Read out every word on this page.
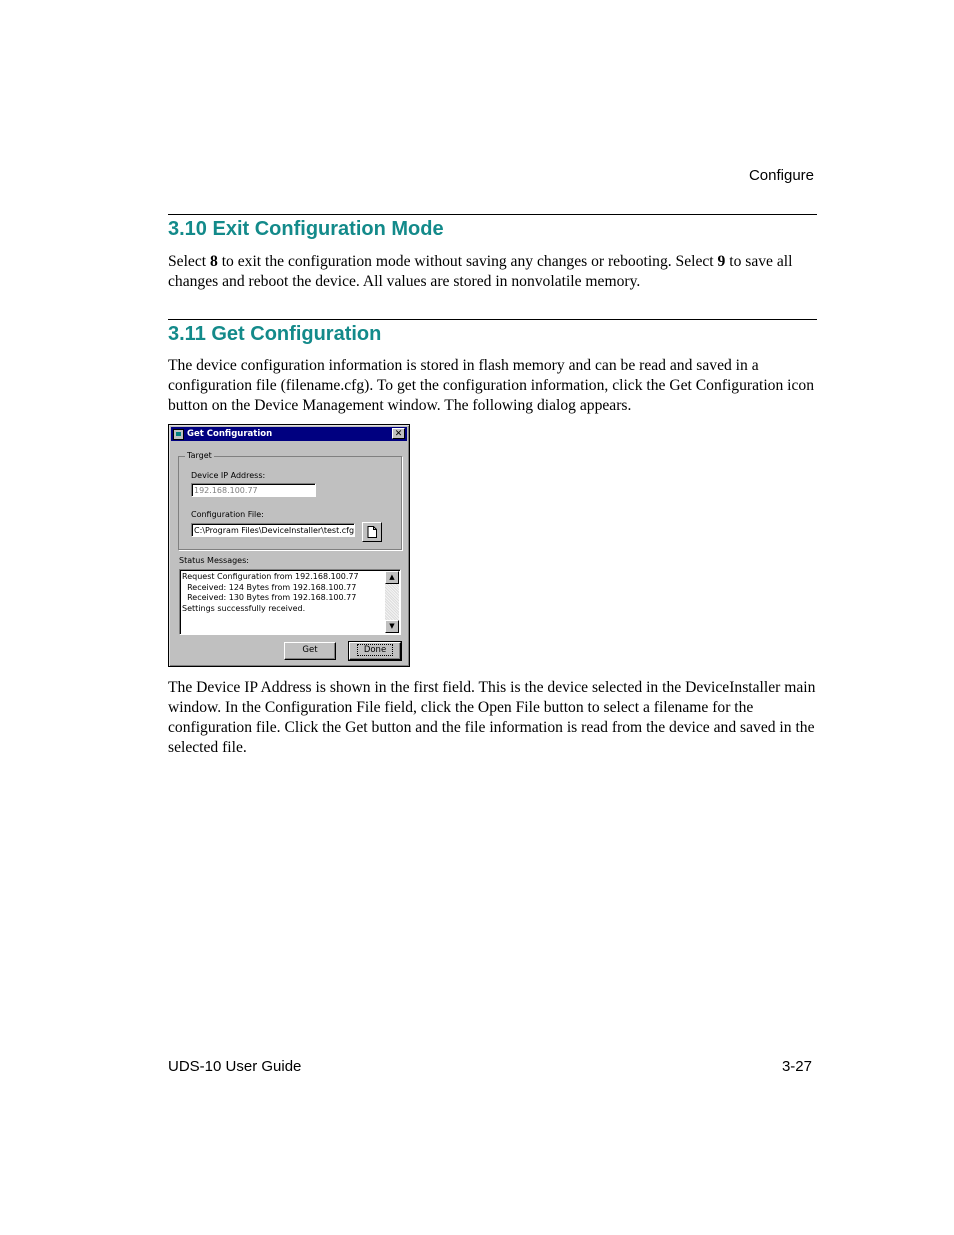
Configure
3.10 Exit Configuration Mode
Select 8 to exit the configuration mode without saving any changes or rebooting. Select 9 to save all changes and reboot the device. All values are stored in nonvolatile memory.
3.11 Get Configuration
The device configuration information is stored in flash memory and can be read and saved in a configuration file (filename.cfg). To get the configuration information, click the Get Configuration icon button on the Device Management window. The following dialog appears.
Get Configuration	✕
Target
Device IP Address:
192.168.100.77
Configuration File:
C:\Program Files\DeviceInstaller\test.cfg
Status Messages:
Request Configuration from 192.168.100.77
Received: 124 Bytes from 192.168.100.77
Received: 130 Bytes from 192.168.100.77
Settings successfully received.
▲
▼
Get	Done
The Device IP Address is shown in the first field. This is the device selected in the DeviceInstaller main window. In the Configuration File field, click the Open File button to select a filename for the configuration file. Click the Get button and the file information is read from the device and saved in the selected file.
UDS-10 User Guide	3-27
